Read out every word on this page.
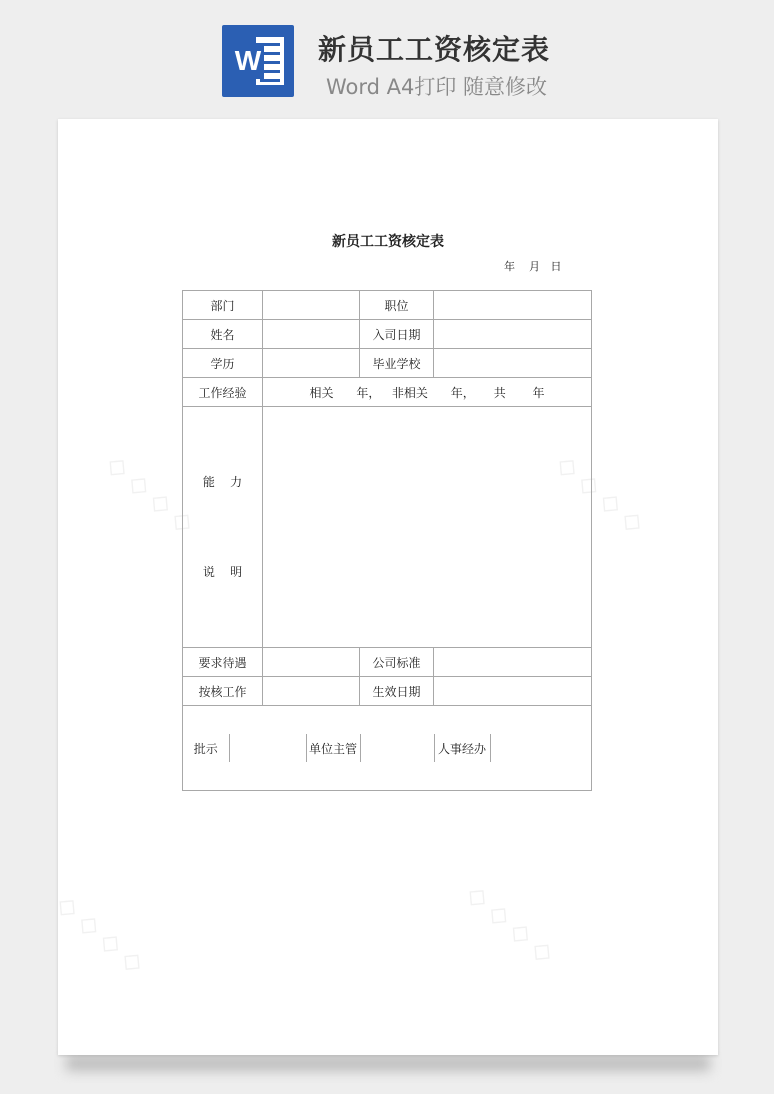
W 新员工工资核定表
Word A4打印 随意修改
◇ ◇ ◇ ◇	◇ ◇ ◇ ◇
◇ ◇ ◇ ◇	◇ ◇ ◇ ◇
新员工工资核定表
年    月   日
部门		职位	
姓名		入司日期	
学历		毕业学校	
工作经验	相关      年，   非相关      年，     共       年

能    力

说    明

要求待遇		公司标准	
按核工作		生效日期	

批示		单位主管		人事经办	
